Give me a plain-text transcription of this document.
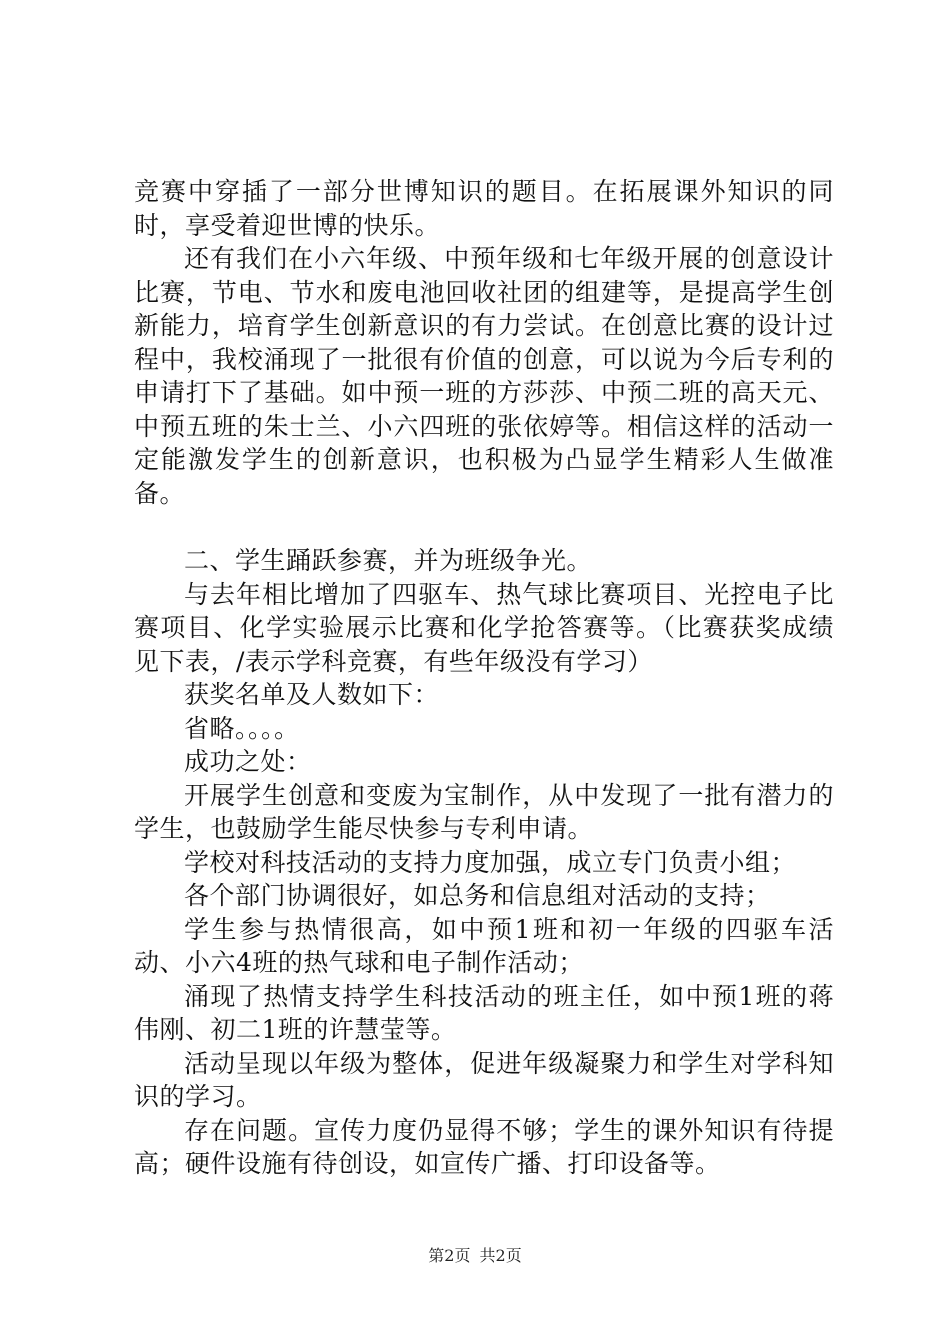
竞赛中穿插了一部分世博知识的题目。在拓展课外知识的同时，享受着迎世博的快乐。

还有我们在小六年级、中预年级和七年级开展的创意设计比赛，节电、节水和废电池回收社团的组建等，是提高学生创新能力，培育学生创新意识的有力尝试。在创意比赛的设计过程中，我校涌现了一批很有价值的创意，可以说为今后专利的申请打下了基础。如中预一班的方莎莎、中预二班的高天元、中预五班的朱士兰、小六四班的张依婷等。相信这样的活动一定能激发学生的创新意识，也积极为凸显学生精彩人生做准备。

二、学生踊跃参赛，并为班级争光。

与去年相比增加了四驱车、热气球比赛项目、光控电子比赛项目、化学实验展示比赛和化学抢答赛等。（比赛获奖成绩见下表，/表示学科竞赛，有些年级没有学习）

获奖名单及人数如下：

省略。。。。

成功之处：

开展学生创意和变废为宝制作，从中发现了一批有潜力的学生，也鼓励学生能尽快参与专利申请。

学校对科技活动的支持力度加强，成立专门负责小组；

各个部门协调很好，如总务和信息组对活动的支持；

学生参与热情很高，如中预1班和初一年级的四驱车活动、小六4班的热气球和电子制作活动；

涌现了热情支持学生科技活动的班主任，如中预1班的蒋伟刚、初二1班的许慧莹等。

活动呈现以年级为整体，促进年级凝聚力和学生对学科知识的学习。

存在问题。宣传力度仍显得不够；学生的课外知识有待提高；硬件设施有待创设，如宣传广播、打印设备等。

第2页 共2页
